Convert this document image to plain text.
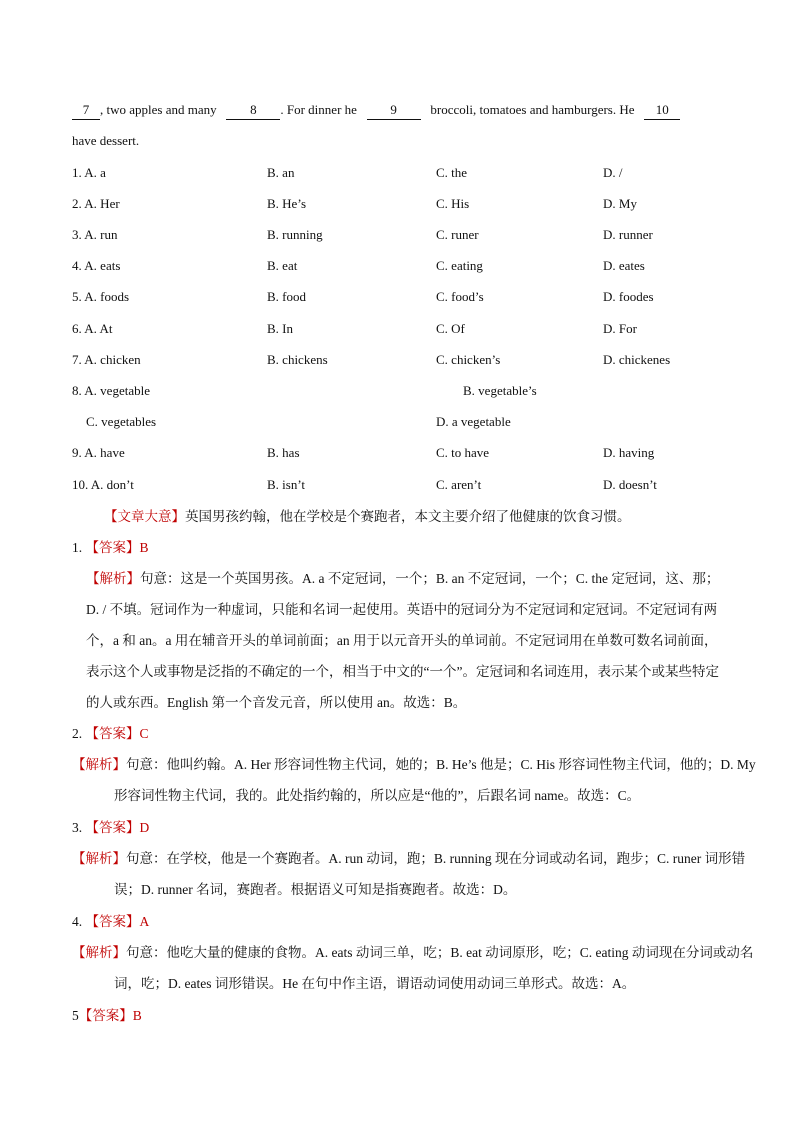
7 , two apples and many	8 . For dinner he	9	broccoli, tomatoes and hamburgers. He 10
have dessert.
1. A. a	B. an	C. the	D. /
2. A. Her	B. He’s	C. His	D. My
3. A. run	B. running	C. runer	D. runner
4. A. eats	B. eat	C. eating	D. eates
5. A. foods	B. food	C. food’s	D. foodes
6. A. At	B. In	C. Of	D. For
7. A. chicken	B. chickens	C. chicken’s	D. chickenes
8. A. vegetable	B. vegetable’s
C. vegetables	D. a vegetable
9. A. have	B. has	C. to have	D. having
10. A. don’t	B. isn’t	C. aren’t	D. doesn’t
【文章大意】英国男孩约翰，他在学校是个赛跑者，本文主要介绍了他健康的饮食习惯。
1. 【答案】B
【解析】句意：这是一个英国男孩。A. a 不定冠词，一个；B. an 不定冠词，一个；C. the 定冠词，这、那；D. / 不填。冠词作为一种虚词，只能和名词一起使用。英语中的冠词分为不定冠词和定冠词。不定冠词有两个，a 和 an。a 用在辅音开头的单词前面；an 用于以元音开头的单词前。不定冠词用在单数可数名词前面，表示这个人或事物是泛指的不确定的一个，相当于中文的“一个”。定冠词和名词连用，表示某个或某些特定的人或东西。English 第一个音发元音，所以使用 an。故选：B。
2. 【答案】C
【解析】句意：他叫约翰。A. Her 形容词性物主代词，她的；B. He’s 他是；C. His 形容词性物主代词，他的；D. My 形容词性物主代词，我的。此处指约翰的，所以应是“他的”，后跟名词 name。故选：C。
3. 【答案】D
【解析】句意：在学校，他是一个赛跑者。A. run 动词，跑；B. running 现在分词或动名词，跑步；C. runer 词形错误；D. runner 名词，赛跑者。根据语义可知是指赛跑者。故选：D。
4. 【答案】A
【解析】句意：他吃大量的健康的食物。A. eats 动词三单，吃；B. eat 动词原形，吃；C. eating 动词现在分词或动名词，吃；D. eates 词形错误。He 在句中作主语，谓语动词使用动词三单形式。故选：A。
5【答案】B
